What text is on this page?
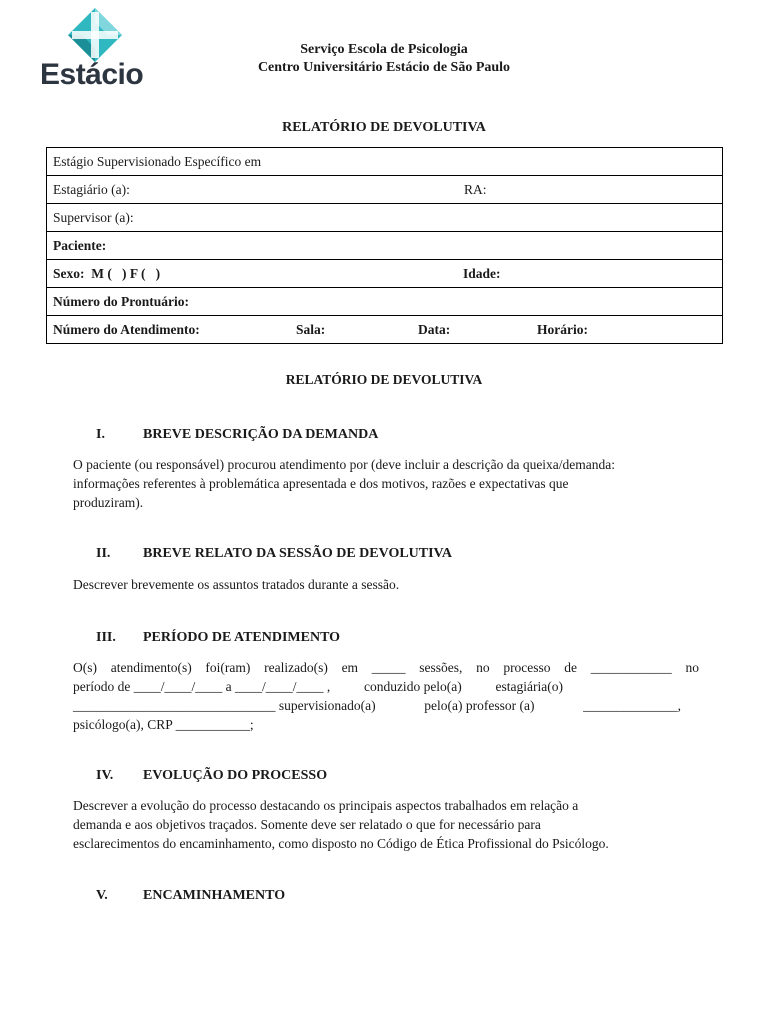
Estácio
Serviço Escola de Psicologia
Centro Universitário Estácio de São Paulo
RELATÓRIO DE DEVOLUTIVA
Estágio Supervisionado Específico em

Estagiário (a):	RA:

Supervisor (a):

Paciente:

Sexo:  M (   ) F (   )	Idade:

Número do Prontuário:

Número do Atendimento:	Sala:	Data:	Horário:
RELATÓRIO DE DEVOLUTIVA
I.	BREVE DESCRIÇÃO DA DEMANDA
O paciente (ou responsável) procurou atendimento por (deve incluir a descrição da queixa/demanda:
informações referentes à problemática apresentada e dos motivos, razões e expectativas que
produziram).
II. BREVE RELATO DA SESSÃO DE DEVOLUTIVA
Descrever brevemente os assuntos tratados durante a sessão.
III. PERÍODO DE ATENDIMENTO
O(s) atendimento(s) foi(ram) realizado(s) em _____ sessões, no processo de ____________ no
período de ____/____/____ a ____/____/____ , conduzido pelo(a) estagiária(o)
______________________________ supervisionado(a)	pelo(a) professor (a)	______________,
psicólogo(a), CRP ___________;
IV. EVOLUÇÃO DO PROCESSO
Descrever a evolução do processo destacando os principais aspectos trabalhados em relação a
demanda e aos objetivos traçados. Somente deve ser relatado o que for necessário para
esclarecimentos do encaminhamento, como disposto no Código de Ética Profissional do Psicólogo.
V.	ENCAMINHAMENTO
